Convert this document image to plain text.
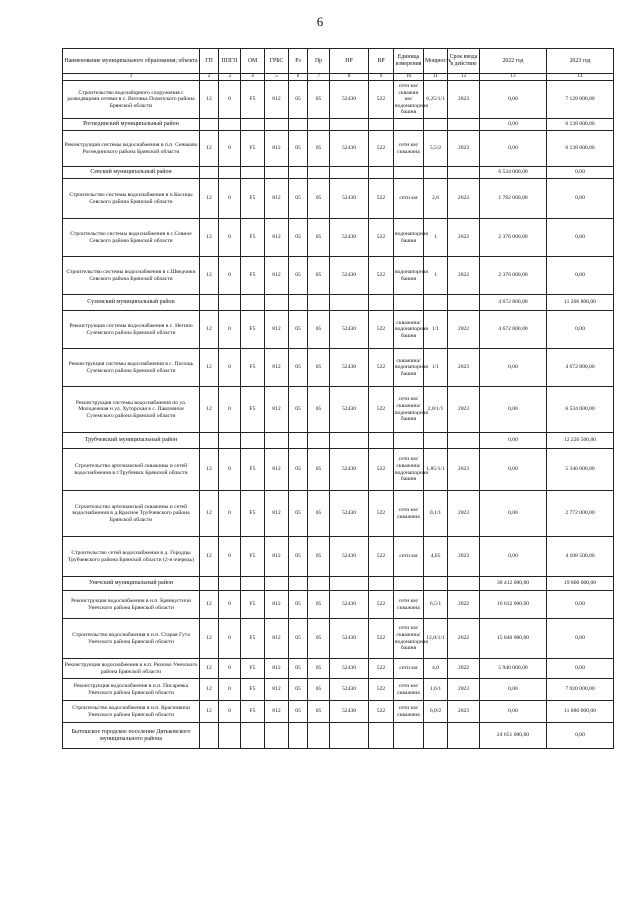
6
Наименование муниципального образования; объекта	ГП	ППГП	ОМ	ГРБС	Рз	Пр	НР	ВР	Единица измерения	Мощность	Срок ввода в действие	2022 год	2023 год
1	2	3	4	5	6	7	8	9	10	11	12	13	14
Строительство водозаборного сооружения с разводящими сетями в с. Витовка Почепского района Брянской области	12	0	F5	812	05	05	52430	522	сети км/скважин км/водонапорная башня	6,25/1/1	2023	0,00	7 128 000,00
Рогнединский муниципальный район												0,00	6 138 000,00
Реконструкция системы водоснабжения в п.п. Сеньково Рогнединского района Брянской области	12	0	F5	812	05	05	52430	522	сети км/скважина	5,5/2	2023	0,00	6 138 000,00
Севский муниципальный район												6 534 000,00	0,00
Строительство системы водоснабжения в п.Косицы Севского района Брянской области	12	0	F5	812	05	05	52430	522	сети км	2,6	2023	1 782 000,00	0,00
Строительство системы водоснабжения в с.Севное Севского района Брянской области	12	0	F5	812	05	05	52430	522	водонапорная башня	1	2022	2 376 000,00	0,00
Строительство системы водоснабжения в с.Шведчики Севского района Брянской области	12	0	F5	812	05	05	52430	522	водонапорная башня	1	2022	2 376 000,00	0,00
Суземский муниципальный район												4 672 800,00	11 206 800,00
Реконструкция системы водоснабжения в с. Негино Суземского района Брянской области	12	0	F5	812	05	05	52430	522	скважина/водонапорная башня	1/1	2022	4 672 800,00	0,00
Реконструкция системы водоснабжения в с. Погощь Суземского района Брянской области	12	0	F5	812	05	05	52430	522	скважина/водонапорная башня	1/1	2023	0,00	4 672 800,00
Реконструкция системы водоснабжения по ул. Молодежная и ул. Хуторская в с. Павловичи Суземского района Брянской области	12	0	F5	812	05	05	52430	522	сети км/скважина/водонапорная башня	2,0/1/1	2023	0,00	6 534 000,00
Трубчевский муниципальный район												0,00	12 226 500,00
Строительство артезианской скважины и сетей водоснабжения в г.Трубчевск Брянской области	12	0	F5	812	05	05	52430	522	сети км/скважина/водонапорная башня	1,85/1/1	2023	0,00	5 346 000,00
Строительство артезианской скважины и сетей водоснабжения в д.Красное Трубчевского района Брянской области	12	0	F5	812	05	05	52430	522	сети км/скважина	0,1/1	2023	0,00	2 772 000,00
Строительство сетей водоснабжения в д. Городцы Трубчевского района Брянской области (2-я очередь)	12	0	F5	812	05	05	52430	522	сети км	4,05	2023	0,00	4 108 500,00
Унечский муниципальный район												38 412 000,00	19 800 000,00
Реконструкция водоснабжения в н.п. Брянкустичи Унечского района Брянской области	12	0	F5	812	05	05	52430	522	сети км/скважина	6,5/1	2022	16 632 000,00	0,00
Строительство водоснабжения в н.п. Старая Гута Унечского района Брянской области	12	0	F5	812	05	05	52430	522	сети км/скважина/водонапорная башня	12,0/1/1	2022	15 840 000,00	0,00
Реконструкция водоснабжения в н.п. Рюхово Унечского района Брянской области	12	0	F5	812	05	05	52430	522	сети км	4,0	2022	5 940 000,00	0,00
Реконструкция водоснабжения в н.п. Писаревка Унечского района Брянской области	12	0	F5	812	05	05	52430	522	сети км/скважина	1,6/1	2023	0,00	7 920 000,00
Строительство водоснабжения в н.п. Красновичи Унечского района Брянской области	12	0	F5	812	05	05	52430	522	сети км/скважина	6,0/2	2023	0,00	11 880 000,00
Бытошское городское поселение Дятьковского муниципального района												24 651 000,00	0,00
